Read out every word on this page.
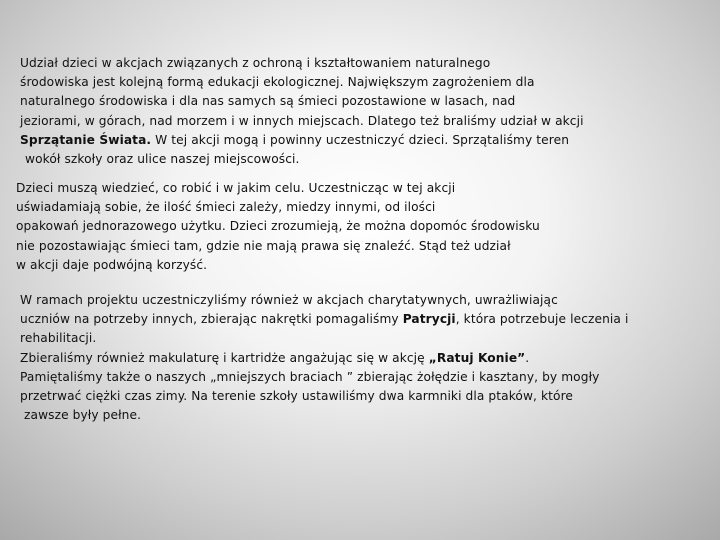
Udział dzieci w akcjach związanych z ochroną i kształtowaniem naturalnego
środowiska jest kolejną formą edukacji ekologicznej. Największym zagrożeniem dla
naturalnego środowiska i dla nas samych są śmieci pozostawione w lasach, nad
jeziorami, w górach, nad morzem i w innych miejscach. Dlatego też braliśmy udział w akcji
Sprzątanie Świata. W tej akcji mogą i powinny uczestniczyć dzieci. Sprzątaliśmy teren
wokół szkoły oraz ulice naszej miejscowości.
Dzieci muszą wiedzieć, co robić i w jakim celu. Uczestnicząc w tej akcji
uświadamiają sobie, że ilość śmieci zależy, miedzy innymi, od ilości
opakowań jednorazowego użytku. Dzieci zrozumieją, że można dopomóc środowisku
nie pozostawiając śmieci tam, gdzie nie mają prawa się znaleźć. Stąd też udział
w akcji daje podwójną korzyść.
W ramach projektu uczestniczyliśmy również w akcjach charytatywnych, uwrażliwiając
uczniów na potrzeby innych, zbierając nakrętki pomagaliśmy Patrycji, która potrzebuje leczenia i
rehabilitacji.
Zbieraliśmy również makulaturę i kartridże angażując się w akcję „Ratuj Konie”.
Pamiętaliśmy także o naszych „mniejszych braciach ” zbierając żołędzie i kasztany, by mogły
przetrwać ciężki czas zimy. Na terenie szkoły ustawiliśmy dwa karmniki dla ptaków, które
zawsze były pełne.
